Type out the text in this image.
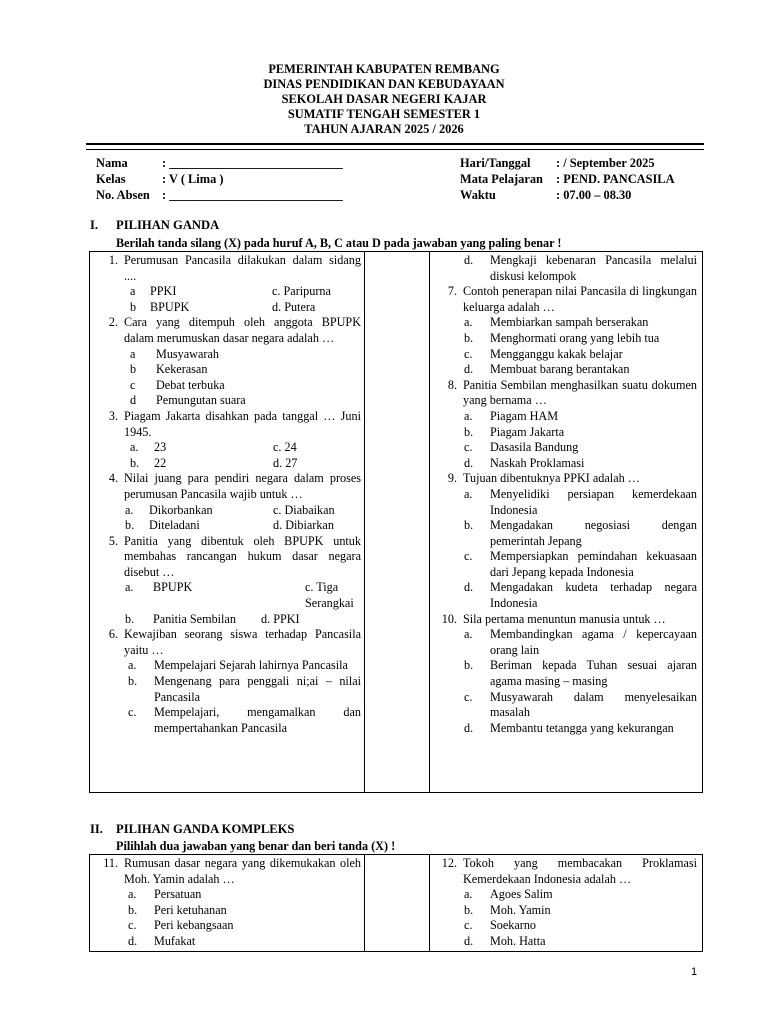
PEMERINTAH KABUPATEN REMBANG
DINAS PENDIDIKAN DAN KEBUDAYAAN
SEKOLAH DASAR NEGERI KAJAR
SUMATIF TENGAH SEMESTER 1
TAHUN AJARAN 2025 / 2026
Nama	: ____________________________
Kelas	: V ( Lima )
No. Absen : ____________________________
Hari/Tanggal : / September 2025
Mata Pelajaran : PEND. PANCASILA
Waktu	: 07.00 – 08.30
I. PILIHAN GANDA
Berilah tanda silang (X) pada huruf A, B, C atau D pada jawaban yang paling benar !
1. Perumusan Pancasila dilakukan dalam sidang ....
a	PPKI	c. Paripurna
b	BPUPK	d. Putera
2. Cara yang ditempuh oleh anggota BPUPK dalam merumuskan dasar negara adalah …
a	Musyawarah
b	Kekerasan
c	Debat terbuka
d	Pemungutan suara
3. Piagam Jakarta disahkan pada tanggal … Juni 1945.
a.	23	c. 24
b.	22	d. 27
4. Nilai juang para pendiri negara dalam proses perumusan Pancasila wajib untuk …
a.	Dikorbankan	c. Diabaikan
b.	Diteladani	d. Dibiarkan
5. Panitia yang dibentuk oleh BPUPK untuk membahas rancangan hukum dasar negara disebut …
a.	BPUPK	c. Tiga Serangkai
b.	Panitia Sembilan	d. PPKI
6. Kewajiban seorang siswa terhadap Pancasila yaitu …
a.	Mempelajari Sejarah lahirnya Pancasila
b.	Mengenang para penggali ni;ai – nilai Pancasila
c.	Mempelajari, mengamalkan dan mempertahankan Pancasila
d.	Mengkaji kebenaran Pancasila melalui diskusi kelompok
7. Contoh penerapan nilai Pancasila di lingkungan keluarga adalah …
a.	Membiarkan sampah berserakan
b.	Menghormati orang yang lebih tua
c.	Mengganggu kakak belajar
d.	Membuat barang berantakan
8. Panitia Sembilan menghasilkan suatu dokumen yang bernama …
a.	Piagam HAM
b.	Piagam Jakarta
c.	Dasasila Bandung
d.	Naskah Proklamasi
9. Tujuan dibentuknya PPKI adalah …
a.	Menyelidiki persiapan kemerdekaan Indonesia
b.	Mengadakan negosiasi dengan pemerintah Jepang
c.	Mempersiapkan pemindahan kekuasaan dari Jepang kepada Indonesia
d.	Mengadakan kudeta terhadap negara Indonesia
10. Sila pertama menuntun manusia untuk …
a.	Membandingkan agama / kepercayaan orang lain
b.	Beriman kepada Tuhan sesuai ajaran agama masing – masing
c.	Musyawarah dalam menyelesaikan masalah
d.	Membantu tetangga yang kekurangan
II. PILIHAN GANDA KOMPLEKS
Pilihlah dua jawaban yang benar dan beri tanda (X) !
11. Rumusan dasar negara yang dikemukakan oleh Moh. Yamin adalah …
a.	Persatuan
b.	Peri ketuhanan
c.	Peri kebangsaan
d.	Mufakat
12. Tokoh yang membacakan Proklamasi Kemerdekaan Indonesia adalah …
a.	Agoes Salim
b.	Moh. Yamin
c.	Soekarno
d.	Moh. Hatta
1
